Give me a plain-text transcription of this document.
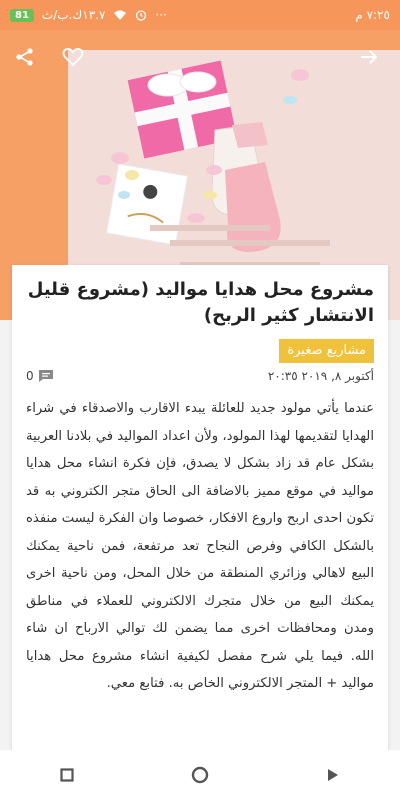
81	١٣.٧ك.ب/ث	···	٧:٢٥ م
مشروع محل هدايا مواليد (مشروع قليل الانتشار كثير الربح)
مشاريع صغيرة
أكتوبر ٨, ٢٠١٩ ٢٠:٣٥
0

عندما يأتي مولود جديد للعائلة يبدء الاقارب والاصدقاء في شراء الهدايا لتقديمها لهذا المولود، ولأن اعداد المواليد في بلادنا العربية بشكل عام قد زاد بشكل لا يصدق، فإن فكرة انشاء محل هدايا مواليد في موقع مميز بالاضافة الى الحاق متجر الكتروني به قد تكون احدى اربح واروع الافكار، خصوصا وان الفكرة ليست منفذه بالشكل الكافي وفرص النجاح تعد مرتفعة، فمن ناحية يمكنك البيع لاهالي وزائري المنطقة من خلال المحل، ومن ناحية اخرى يمكنك البيع من خلال متجرك الالكتروني للعملاء في مناطق ومدن ومحافظات اخرى مما يضمن لك توالي الارباح ان شاء الله. فيما يلي شرح مفصل لكيفية انشاء مشروع محل هدايا مواليد + المتجر الالكتروني الخاص به. فتابع معي.
